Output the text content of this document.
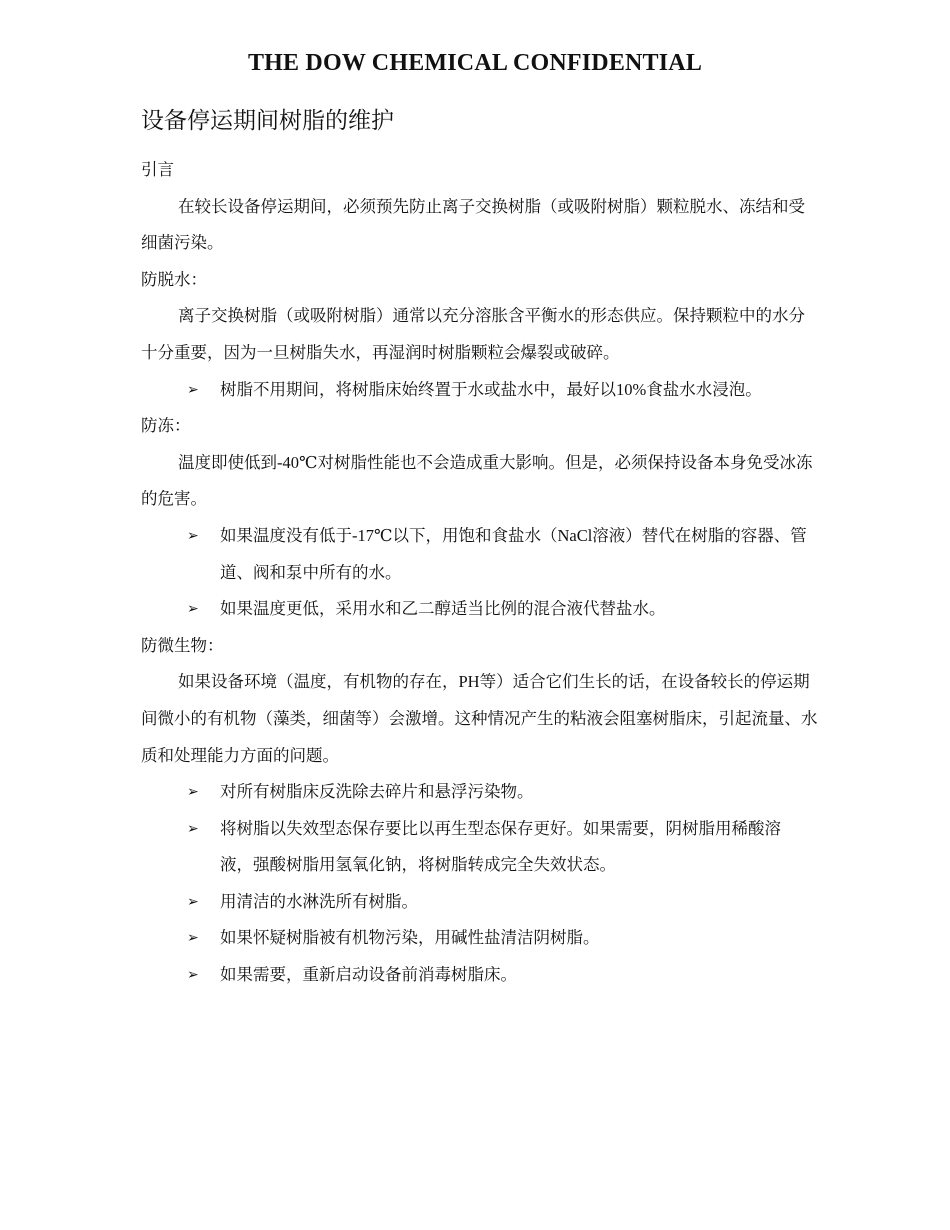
THE DOW CHEMICAL CONFIDENTIAL
设备停运期间树脂的维护

引言

在较长设备停运期间，必须预先防止离子交换树脂（或吸附树脂）颗粒脱水、冻结和受细菌污染。

防脱水：

离子交换树脂（或吸附树脂）通常以充分溶胀含平衡水的形态供应。保持颗粒中的水分十分重要，因为一旦树脂失水，再湿润时树脂颗粒会爆裂或破碎。

➢ 树脂不用期间，将树脂床始终置于水或盐水中，最好以10%食盐水水浸泡。

防冻：

温度即使低到-40℃对树脂性能也不会造成重大影响。但是，必须保持设备本身免受冰冻的危害。

➢ 如果温度没有低于-17℃以下，用饱和食盐水（NaCl溶液）替代在树脂的容器、管道、阀和泵中所有的水。
➢ 如果温度更低，采用水和乙二醇适当比例的混合液代替盐水。

防微生物：

如果设备环境（温度，有机物的存在，PH等）适合它们生长的话，在设备较长的停运期间微小的有机物（藻类，细菌等）会激增。这种情况产生的粘液会阻塞树脂床，引起流量、水质和处理能力方面的问题。

➢ 对所有树脂床反洗除去碎片和悬浮污染物。
➢ 将树脂以失效型态保存要比以再生型态保存更好。如果需要，阴树脂用稀酸溶液，强酸树脂用氢氧化钠，将树脂转成完全失效状态。
➢ 用清洁的水淋洗所有树脂。
➢ 如果怀疑树脂被有机物污染，用碱性盐清洁阴树脂。
➢ 如果需要，重新启动设备前消毒树脂床。
